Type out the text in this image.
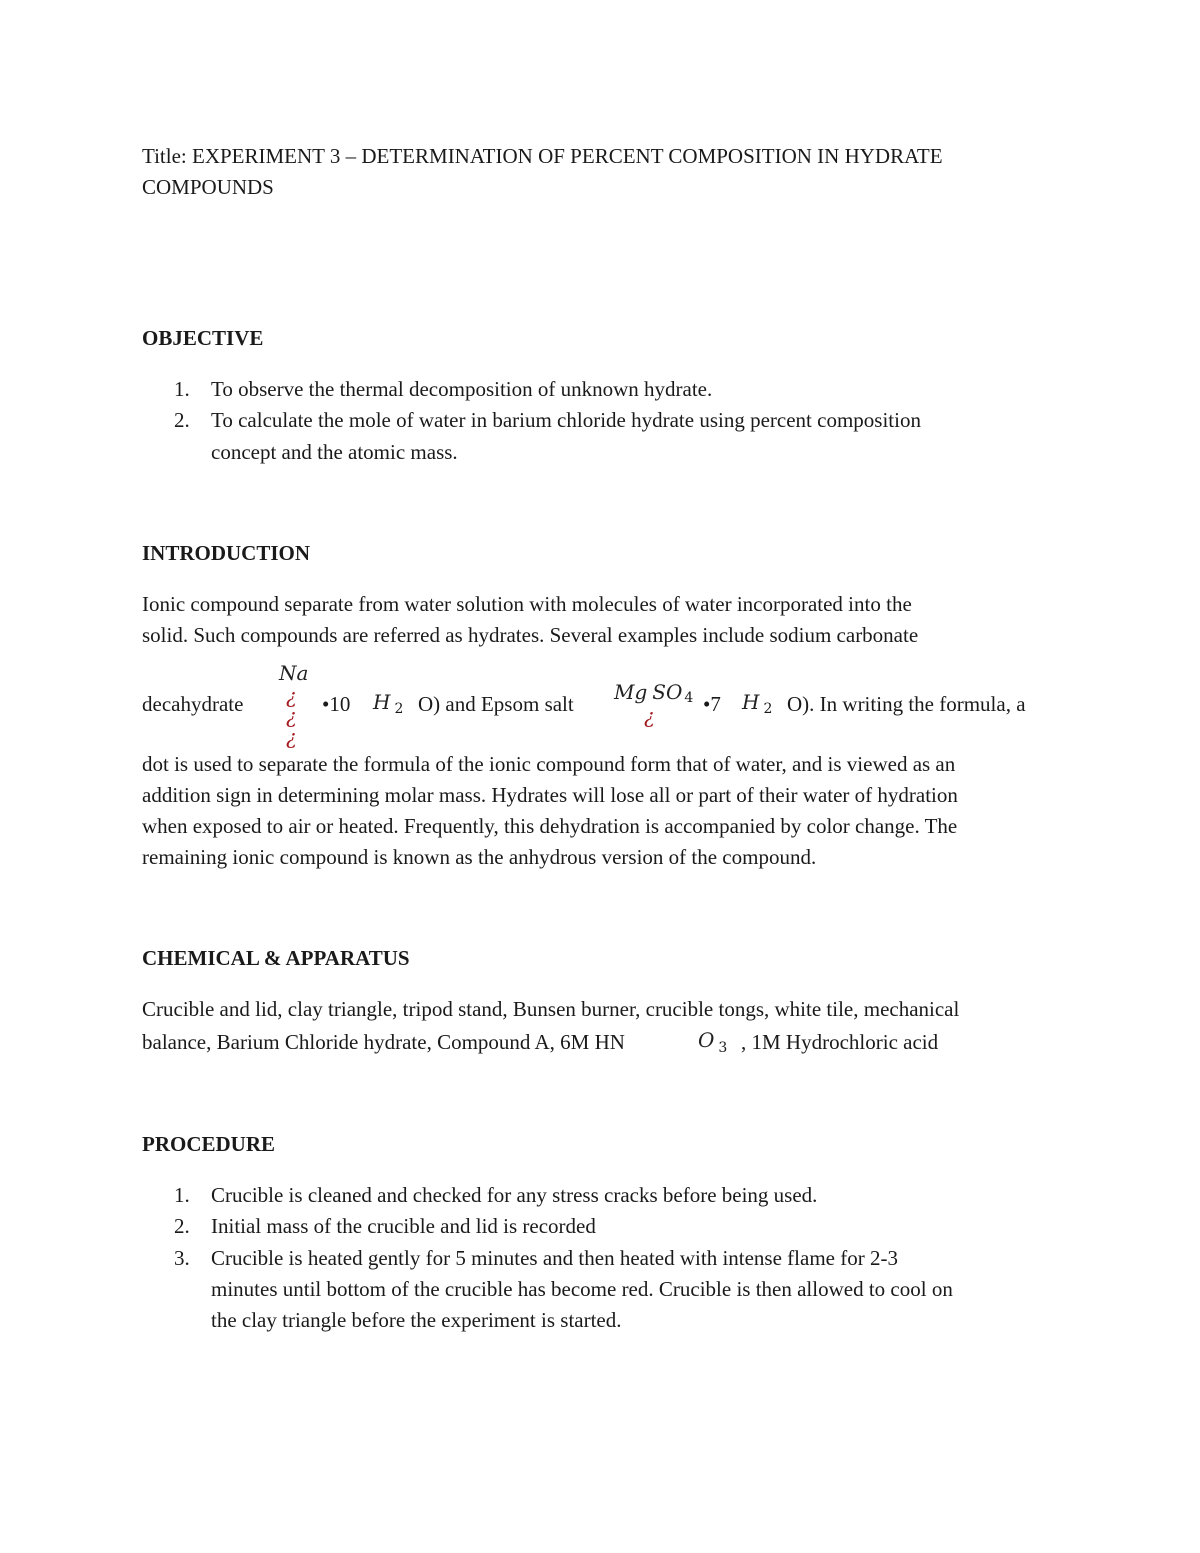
Title: EXPERIMENT 3 – DETERMINATION OF PERCENT COMPOSITION IN HYDRATE
COMPOUNDS
OBJECTIVE
1. To observe the thermal decomposition of unknown hydrate.
2. To calculate the mole of water in barium chloride hydrate using percent composition
concept and the atomic mass.
INTRODUCTION
Ionic compound separate from water solution with molecules of water incorporated into the
solid. Such compounds are referred as hydrates. Several examples include sodium carbonate
decahydrate
Na
¿
¿
¿
•10 H 2 O) and Epsom salt Mg SO 4
¿ •7 H 2 O). In writing the formula, a
dot is used to separate the formula of the ionic compound form that of water, and is viewed as an
addition sign in determining molar mass. Hydrates will lose all or part of their water of hydration
when exposed to air or heated. Frequently, this dehydration is accompanied by color change. The
remaining ionic compound is known as the anhydrous version of the compound.
CHEMICAL & APPARATUS
Crucible and lid, clay triangle, tripod stand, Bunsen burner, crucible tongs, white tile, mechanical
balance, Barium Chloride hydrate, Compound A, 6M HN	O $_3$ , 1M Hydrochloric acid
PROCEDURE
1. Crucible is cleaned and checked for any stress cracks before being used.
2. Initial mass of the crucible and lid is recorded
3. Crucible is heated gently for 5 minutes and then heated with intense flame for 2-3
minutes until bottom of the crucible has become red. Crucible is then allowed to cool on
the clay triangle before the experiment is started.
